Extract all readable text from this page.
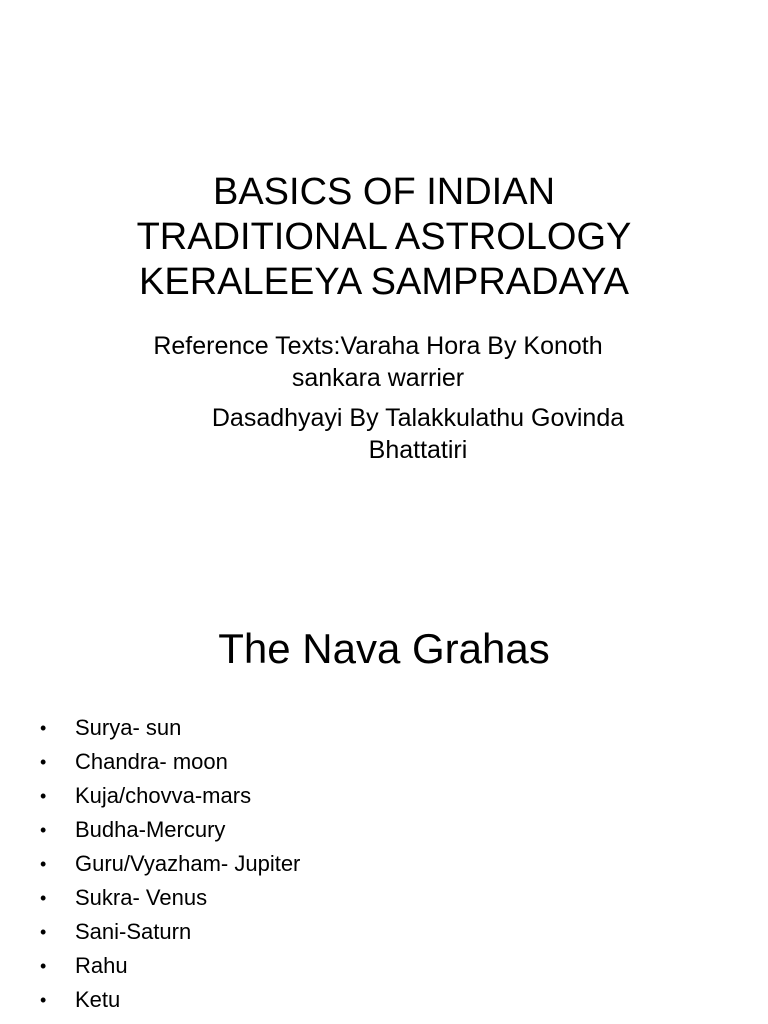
BASICS OF INDIAN
TRADITIONAL ASTROLOGY
KERALEEYA SAMPRADAYA
Reference Texts:Varaha Hora By Konoth
sankara warrier
Dasadhyayi By Talakkulathu Govinda
Bhattatiri
The Nava Grahas
• Surya- sun
• Chandra- moon
• Kuja/chovva-mars
• Budha-Mercury
• Guru/Vyazham- Jupiter
• Sukra- Venus
• Sani-Saturn
• Rahu
• Ketu
